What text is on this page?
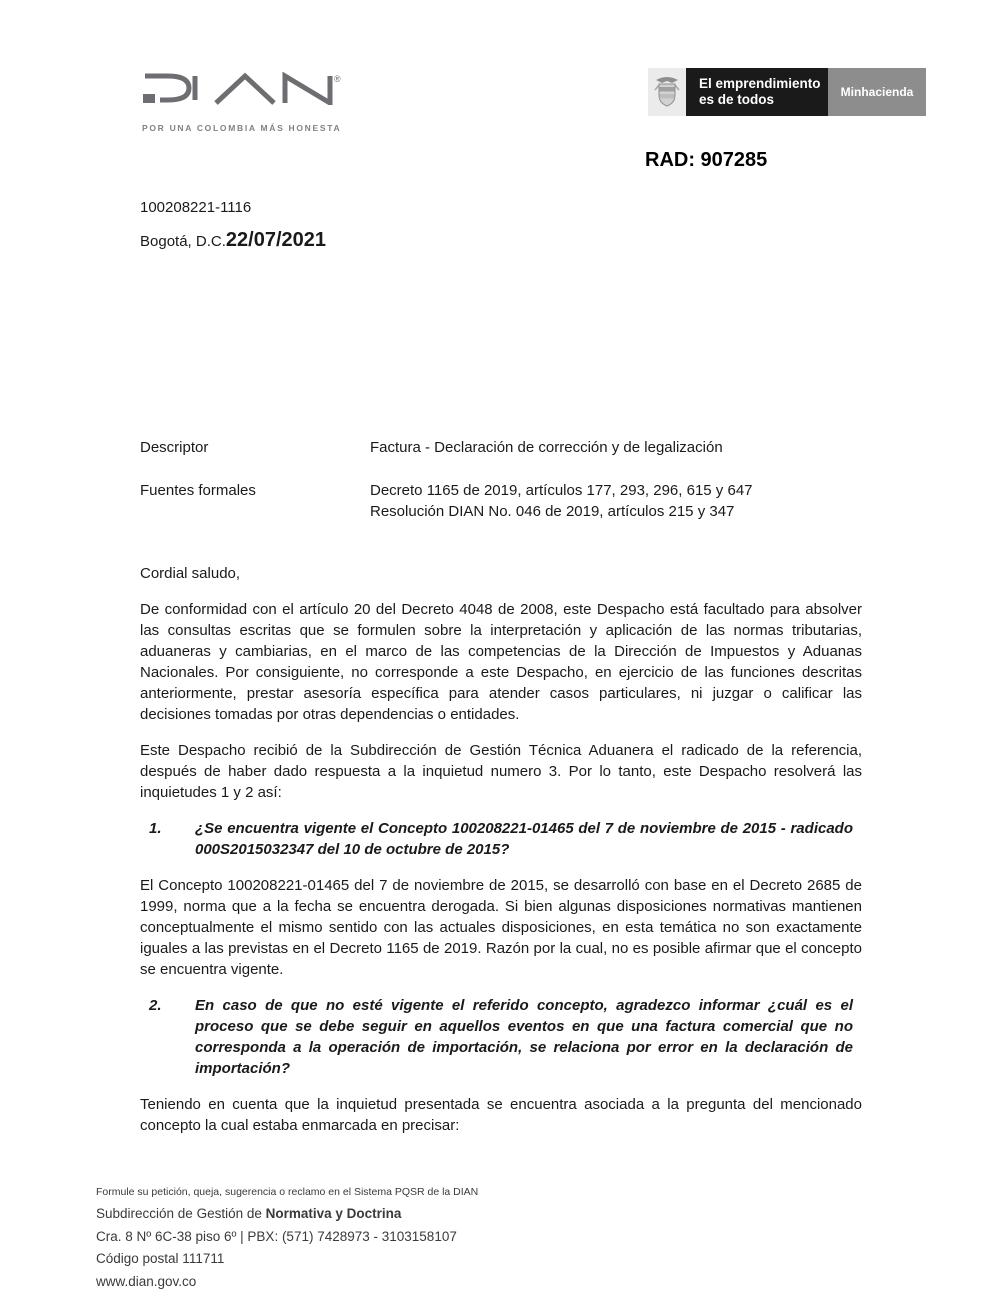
®
POR UNA COLOMBIA MÁS HONESTA
El emprendimiento
es de todos	Minhacienda
RAD: 907285
100208221-1116
Bogotá, D.C.22/07/2021
Descriptor	Factura - Declaración de corrección y de legalización
Fuentes formales	Decreto 1165 de 2019, artículos 177, 293, 296, 615 y 647
Resolución DIAN No. 046 de 2019, artículos 215 y 347

Cordial saludo,

De conformidad con el artículo 20 del Decreto 4048 de 2008, este Despacho está facultado para absolver las consultas escritas que se formulen sobre la interpretación y aplicación de las normas tributarias, aduaneras y cambiarias, en el marco de las competencias de la Dirección de Impuestos y Aduanas Nacionales. Por consiguiente, no corresponde a este Despacho, en ejercicio de las funciones descritas anteriormente, prestar asesoría específica para atender casos particulares, ni juzgar o calificar las decisiones tomadas por otras dependencias o entidades.

Este Despacho recibió de la Subdirección de Gestión Técnica Aduanera el radicado de la referencia, después de haber dado respuesta a la inquietud numero 3. Por lo tanto, este Despacho resolverá las inquietudes 1 y 2 así:

1.	¿Se encuentra vigente el Concepto 100208221-01465 del 7 de noviembre de 2015 - radicado 000S2015032347 del 10 de octubre de 2015?

El Concepto 100208221-01465 del 7 de noviembre de 2015, se desarrolló con base en el Decreto 2685 de 1999, norma que a la fecha se encuentra derogada. Si bien algunas disposiciones normativas mantienen conceptualmente el mismo sentido con las actuales disposiciones, en esta temática no son exactamente iguales a las previstas en el Decreto 1165 de 2019. Razón por la cual, no es posible afirmar que el concepto se encuentra vigente.

2.	En caso de que no esté vigente el referido concepto, agradezco informar ¿cuál es el proceso que se debe seguir en aquellos eventos en que una factura comercial que no corresponda a la operación de importación, se relaciona por error en la declaración de importación?

Teniendo en cuenta que la inquietud presentada se encuentra asociada a la pregunta del mencionado concepto la cual estaba enmarcada en precisar:

Formule su petición, queja, sugerencia o reclamo en el Sistema PQSR de la DIAN
Subdirección de Gestión de Normativa y Doctrina
Cra. 8 Nº 6C-38 piso 6º | PBX: (571) 7428973 - 3103158107
Código postal 111711
www.dian.gov.co
